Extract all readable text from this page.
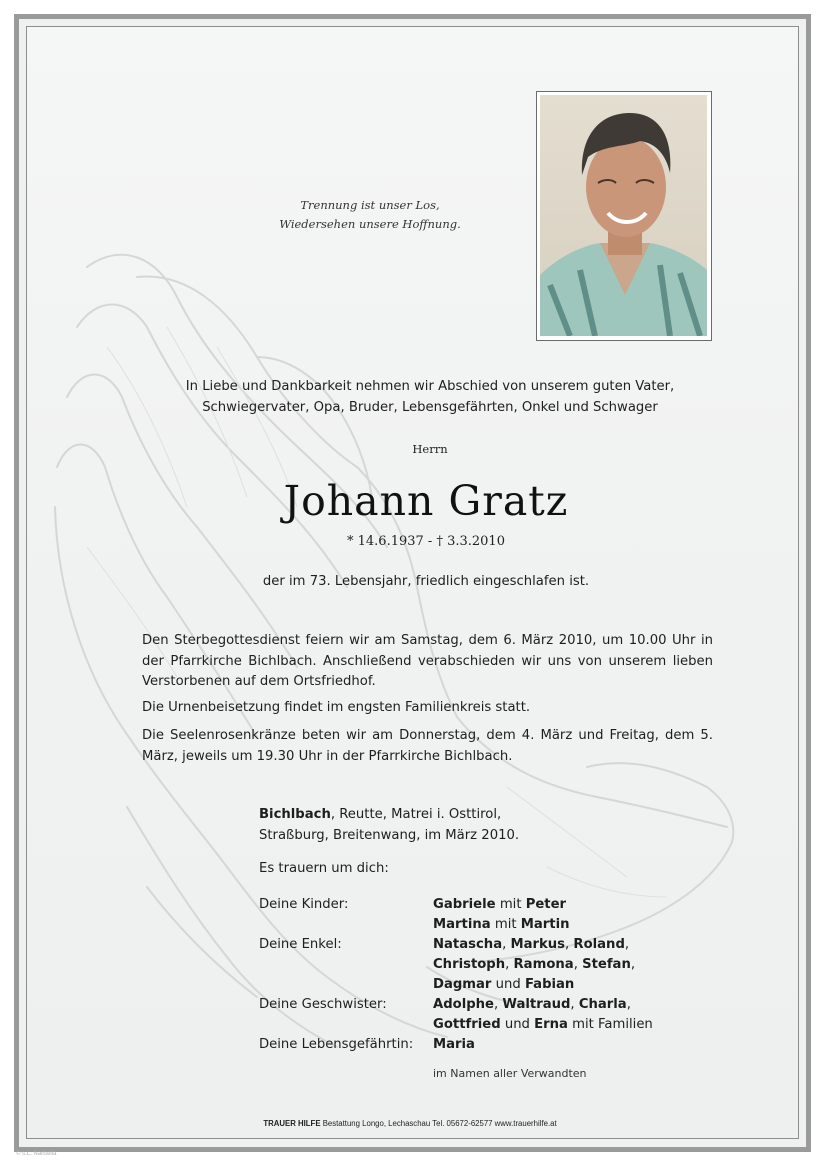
Trennung ist unser Los,
Wiedersehen unsere Hoffnung.
In Liebe und Dankbarkeit nehmen wir Abschied von unserem guten Vater,
Schwiegervater, Opa, Bruder, Lebensgefährten, Onkel und Schwager
Herrn
Johann Gratz
* 14.6.1937 - † 3.3.2010
der im 73. Lebensjahr, friedlich eingeschlafen ist.
Den Sterbegottesdienst feiern wir am Samstag, dem 6. März 2010, um 10.00 Uhr in der Pfarrkirche Bichlbach. Anschließend verabschieden wir uns von unserem lieben Verstorbenen auf dem Ortsfriedhof.
Die Urnenbeisetzung findet im engsten Familienkreis statt.
Die Seelenrosenkränze beten wir am Donnerstag, dem 4. März und Freitag, dem 5. März, jeweils um 19.30 Uhr in der Pfarrkirche Bichlbach.
Bichlbach, Reutte, Matrei i. Osttirol,
Straßburg, Breitenwang, im März 2010.
Es trauern um dich:
Deine Kinder:	Gabriele mit Peter
Martina mit Martin
Deine Enkel:	Natascha, Markus, Roland,
Christoph, Ramona, Stefan,
Dagmar und Fabian
Deine Geschwister:	Adolphe, Waltraud, Charla,
Gottfried und Erna mit Familien
Deine Lebensgefährtin: Maria
im Namen aller Verwandten
TRAUER HILFE Bestattung Longo, Lechaschau Tel. 05672-62577 www.trauerhilfe.at
© s.L. Naitsella
